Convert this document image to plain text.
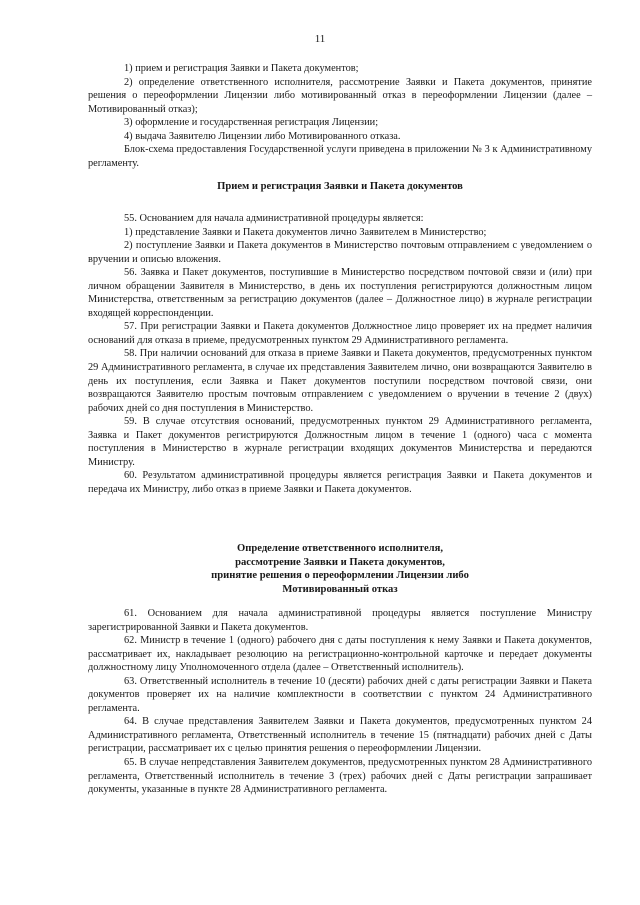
11

1) прием и регистрация Заявки и Пакета документов;

2) определение ответственного исполнителя, рассмотрение Заявки и Пакета документов, принятие решения о переоформлении Лицензии либо мотивированный отказ в переоформлении Лицензии (далее – Мотивированный отказ);

3) оформление и государственная регистрация Лицензии;

4) выдача Заявителю Лицензии либо Мотивированного отказа.

Блок-схема предоставления Государственной услуги приведена в приложении № 3 к Административному регламенту.

Прием и регистрация Заявки и Пакета документов

55. Основанием для начала административной процедуры является:

1) представление Заявки и Пакета документов лично Заявителем в Министерство;

2) поступление Заявки и Пакета документов в Министерство почтовым отправлением с уведомлением о вручении и описью вложения.

56. Заявка и Пакет документов, поступившие в Министерство посредством почтовой связи и (или) при личном обращении Заявителя в Министерство, в день их поступления регистрируются должностным лицом Министерства, ответственным за регистрацию документов (далее – Должностное лицо) в журнале регистрации входящей корреспонденции.

57. При регистрации Заявки и Пакета документов Должностное лицо проверяет их на предмет наличия оснований для отказа в приеме, предусмотренных пунктом 29 Административного регламента.

58. При наличии оснований для отказа в приеме Заявки и Пакета документов, предусмотренных пунктом 29 Административного регламента, в случае их представления Заявителем лично, они возвращаются Заявителю в день их поступления, если Заявка и Пакет документов поступили посредством почтовой связи, они возвращаются Заявителю простым почтовым отправлением с уведомлением о вручении в течение 2 (двух) рабочих дней со дня поступления в Министерство.

59. В случае отсутствия оснований, предусмотренных пунктом 29 Административного регламента, Заявка и Пакет документов регистрируются Должностным лицом в течение 1 (одного) часа с момента поступления в Министерство в журнале регистрации входящих документов Министерства и передаются Министру.

60. Результатом административной процедуры является регистрация Заявки и Пакета документов и передача их Министру, либо отказ в приеме Заявки и Пакета документов.

Определение ответственного исполнителя,

рассмотрение Заявки и Пакета документов,

принятие решения о переоформлении Лицензии либо

Мотивированный отказ

61. Основанием для начала административной процедуры является поступление Министру зарегистрированной Заявки и Пакета документов.

62. Министр в течение 1 (одного) рабочего дня с даты поступления к нему Заявки и Пакета документов, рассматривает их, накладывает резолюцию на регистрационно-контрольной карточке и передает документы должностному лицу Уполномоченного отдела (далее – Ответственный исполнитель).

63. Ответственный исполнитель в течение 10 (десяти) рабочих дней с даты регистрации Заявки и Пакета документов проверяет их на наличие комплектности в соответствии с пунктом 24 Административного регламента.

64. В случае представления Заявителем Заявки и Пакета документов, предусмотренных пунктом 24 Административного регламента, Ответственный исполнитель в течение 15 (пятнадцати) рабочих дней с Даты регистрации, рассматривает их с целью принятия решения о переоформлении Лицензии.

65. В случае непредставления Заявителем документов, предусмотренных пунктом 28 Административного регламента, Ответственный исполнитель в течение 3 (трех) рабочих дней с Даты регистрации запрашивает документы, указанные в пункте 28 Административного регламента.
